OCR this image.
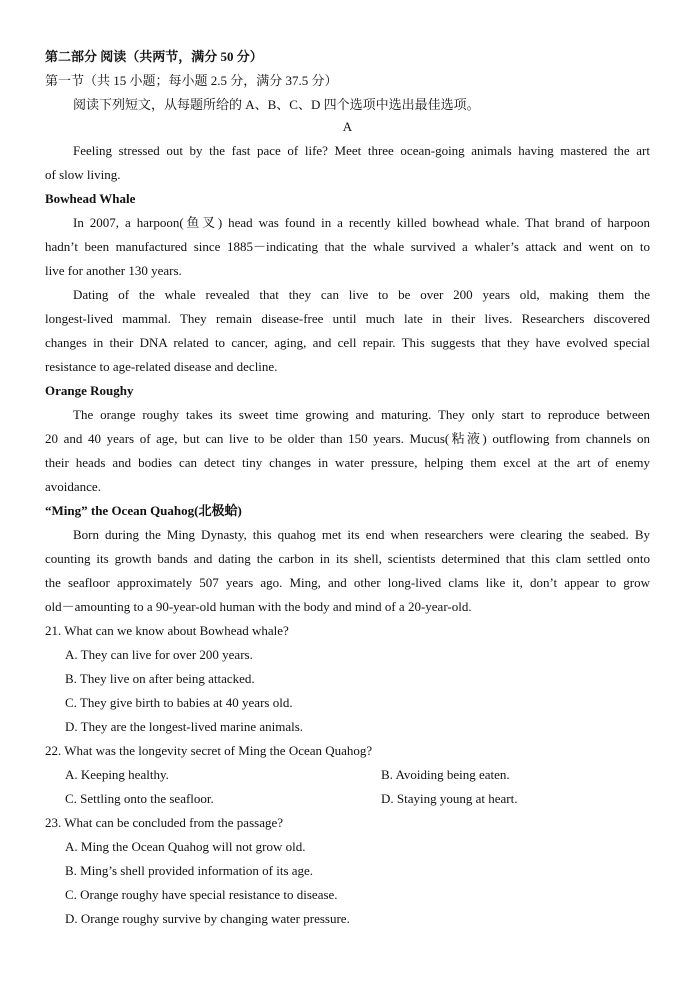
第二部分 阅读（共两节，满分 50 分）
第一节（共 15 小题；每小题 2.5 分，满分 37.5 分）
阅读下列短文，从每题所给的 A、B、C、D 四个选项中选出最佳选项。
A
Feeling stressed out by the fast pace of life? Meet three ocean-going animals having mastered the art
of slow living.
Bowhead Whale
In 2007, a harpoon(鱼叉) head was found in a recently killed bowhead whale. That brand of harpoon
hadn’t been manufactured since 1885－indicating that the whale survived a whaler’s attack and went on to
live for another 130 years.
Dating of the whale revealed that they can live to be over 200 years old, making them the
longest-lived mammal. They remain disease-free until much late in their lives. Researchers discovered
changes in their DNA related to cancer, aging, and cell repair. This suggests that they have evolved special
resistance to age-related disease and decline.
Orange Roughy
The orange roughy takes its sweet time growing and maturing. They only start to reproduce between
20 and 40 years of age, but can live to be older than 150 years. Mucus(粘液) outflowing from channels on
their heads and bodies can detect tiny changes in water pressure, helping them excel at the art of enemy
avoidance.
“Ming” the Ocean Quahog(北极蛤)
Born during the Ming Dynasty, this quahog met its end when researchers were clearing the seabed. By
counting its growth bands and dating the carbon in its shell, scientists determined that this clam settled onto
the seafloor approximately 507 years ago. Ming, and other long-lived clams like it, don’t appear to grow
old－amounting to a 90-year-old human with the body and mind of a 20-year-old.
21. What can we know about Bowhead whale?
A. They can live for over 200 years.
B. They live on after being attacked.
C. They give birth to babies at 40 years old.
D. They are the longest-lived marine animals.
22. What was the longevity secret of Ming the Ocean Quahog?
A. Keeping healthy.	B. Avoiding being eaten.
C. Settling onto the seafloor.	D. Staying young at heart.
23. What can be concluded from the passage?
A. Ming the Ocean Quahog will not grow old.
B. Ming’s shell provided information of its age.
C. Orange roughy have special resistance to disease.
D. Orange roughy survive by changing water pressure.
